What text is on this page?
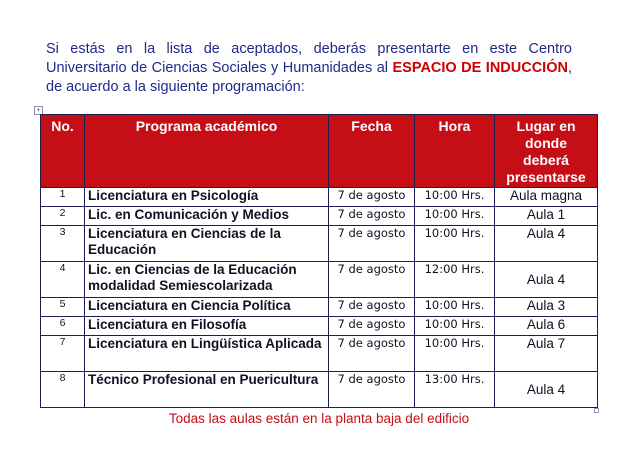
Si estás en la lista de aceptados, deberás presentarte en este Centro Universitario de Ciencias Sociales y Humanidades al ESPACIO DE INDUCCIÓN, de acuerdo a la siguiente programación:

+
No.	Programa académico	Fecha	Hora	Lugar en donde deberá presentarse
1	Licenciatura en Psicología	7 de agosto	10:00 Hrs.	Aula magna
2	Lic. en Comunicación y Medios	7 de agosto	10:00 Hrs.	Aula 1
3	Licenciatura en Ciencias de la Educación	7 de agosto	10:00 Hrs.	Aula 4
4	Lic. en Ciencias de la Educación modalidad Semiescolarizada	7 de agosto	12:00 Hrs.	Aula 4
5	Licenciatura en Ciencia Política	7 de agosto	10:00 Hrs.	Aula 3
6	Licenciatura en Filosofía	7 de agosto	10:00 Hrs.	Aula 6
7	Licenciatura en Lingüística Aplicada	7 de agosto	10:00 Hrs.	Aula 7
8	Técnico Profesional en Puericultura	7 de agosto	13:00 Hrs.	Aula 4
Todas las aulas están en la planta baja del edificio
